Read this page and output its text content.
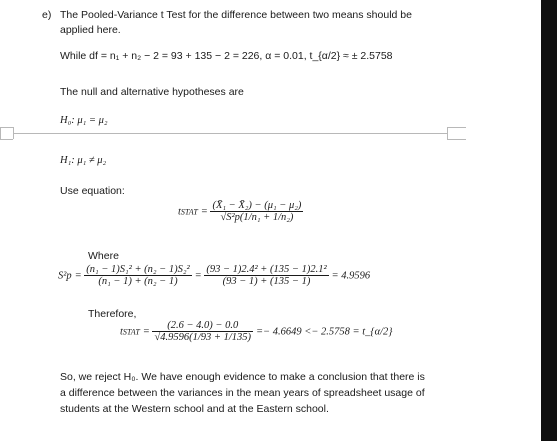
e) The Pooled-Variance t Test for the difference between two means should be
applied here.
While df = n₁ + n₂ − 2 = 93 + 135 − 2 = 226, α = 0.01, t_{α/2} ≈ ± 2.5758
The null and alternative hypotheses are
H₀: μ₁ = μ₂
H₁: μ₁ ≠ μ₂
Use equation:
tSTAT = $\frac{\text{(X̄₁ − X̄₂) − (μ₁ − μ₂)}}{\text{√S²p(1/n₁ + 1/n₂)}}$
Where
$S^2p = \frac{\text{(n₁ − 1)S₁² + (n₂ − 1)S₂²}}{\text{(n₁ − 1) + (n₂ − 1)}} = \frac{\text{(93 − 1)2.4² + (135 − 1)2.1²}}{(93 - 1) + (135 - 1)} = 4.9596$
Therefore,
tSTAT = $\frac{(2.6 - 4.0) - 0.0}{√4.9596(1/93 + 1/135)} =- 4.6649 <- 2.5758$ = t_{α/2}
So, we reject H₀. We have enough evidence to make a conclusion that there is
a difference between the variances in the mean years of spreadsheet usage of
students at the Western school and at the Eastern school.
